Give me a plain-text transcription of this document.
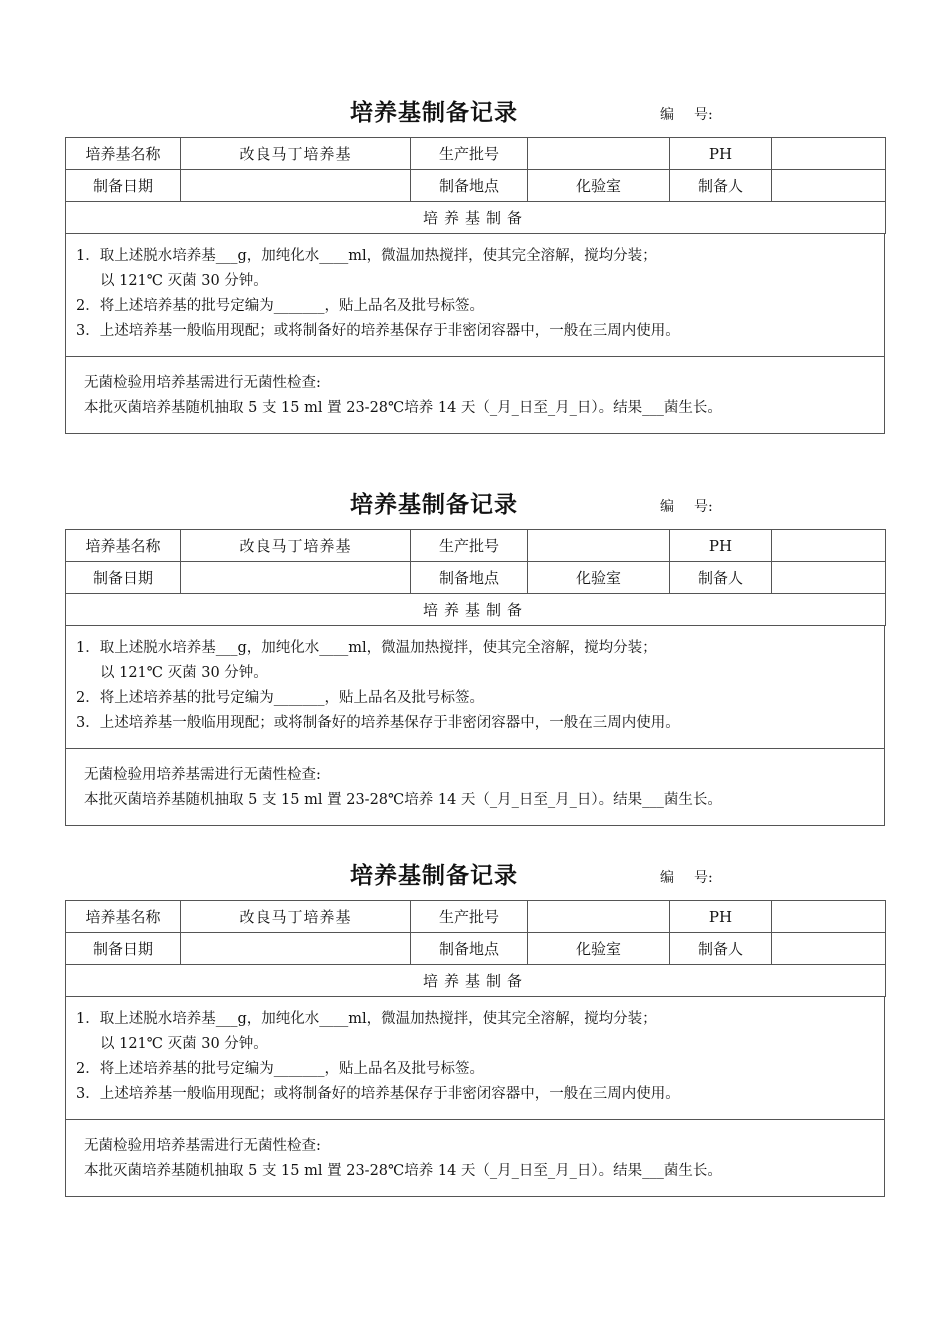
培养基制备记录	编 号:
培养基名称	改良马丁培养基	生产批号		PH	
制备日期		制备地点	化验室	制备人	
培养基制备					
1．取上述脱水培养基___g，加纯化水____ml，微温加热搅拌，使其完全溶解，搅均分装；
以 121℃ 灭菌 30 分钟。
2．将上述培养基的批号定编为_______，贴上品名及批号标签。
3．上述培养基一般临用现配；或将制备好的培养基保存于非密闭容器中，一般在三周内使用。
无菌检验用培养基需进行无菌性检查:
本批灭菌培养基随机抽取 5 支 15 ml 置 23-28℃培养 14 天（_月_日至_月_日）。结果___菌生长。
培养基制备记录	编 号:
培养基名称	改良马丁培养基	生产批号		PH	
制备日期		制备地点	化验室	制备人	
培养基制备					
1．取上述脱水培养基___g，加纯化水____ml，微温加热搅拌，使其完全溶解，搅均分装；
以 121℃ 灭菌 30 分钟。
2．将上述培养基的批号定编为_______，贴上品名及批号标签。
3．上述培养基一般临用现配；或将制备好的培养基保存于非密闭容器中，一般在三周内使用。
无菌检验用培养基需进行无菌性检查:
本批灭菌培养基随机抽取 5 支 15 ml 置 23-28℃培养 14 天（_月_日至_月_日）。结果___菌生长。
培养基制备记录	编 号:
培养基名称	改良马丁培养基	生产批号		PH	
制备日期		制备地点	化验室	制备人	
培养基制备					
1．取上述脱水培养基___g，加纯化水____ml，微温加热搅拌，使其完全溶解，搅均分装；
以 121℃ 灭菌 30 分钟。
2．将上述培养基的批号定编为_______，贴上品名及批号标签。
3．上述培养基一般临用现配；或将制备好的培养基保存于非密闭容器中，一般在三周内使用。
无菌检验用培养基需进行无菌性检查:
本批灭菌培养基随机抽取 5 支 15 ml 置 23-28℃培养 14 天（_月_日至_月_日）。结果___菌生长。
